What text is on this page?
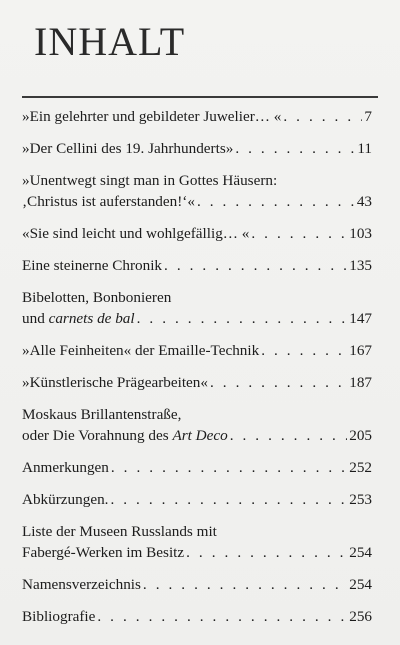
INHALT
»Ein gelehrter und gebildeter Juwelier… « . . .	7
»Der Cellini des 19. Jahrhunderts» . . .	11
»Unentwegt singt man in Gottes Häusern:
‚Christus ist auferstanden!‘« . . .	43
«Sie sind leicht und wohlgefällig… « . . .	103
Eine steinerne Chronik . . .	135
Bibelotten, Bonbonieren
und carnets de bal . . .	147
»Alle Feinheiten« der Emaille-Technik . . .	167
»Künstlerische Prägearbeiten« . . .	187
Moskaus Brillantenstraße,
oder Die Vorahnung des Art Deco . . .	205
Anmerkungen . . .	252
Abkürzungen. . . .	253
Liste der Museen Russlands mit
Fabergé-Werken im Besitz . . .	254
Namensverzeichnis . . .	254
Bibliografie . . .	256
